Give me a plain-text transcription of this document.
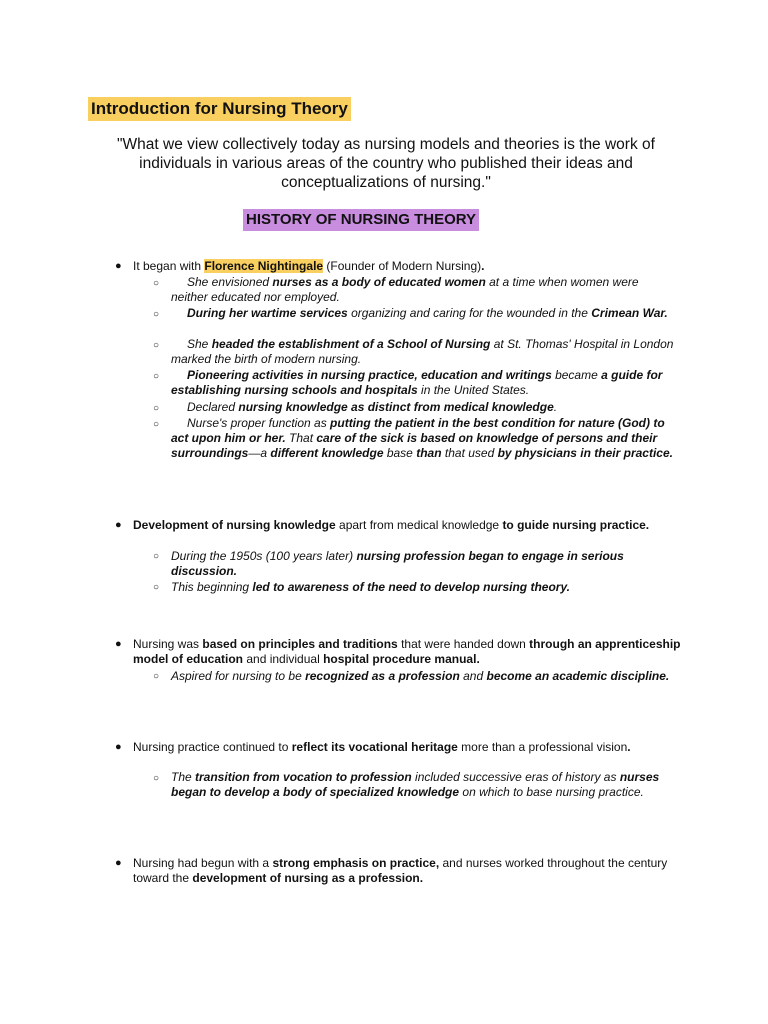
Introduction for Nursing Theory
"What we view collectively today as nursing models and theories is the work of individuals in various areas of the country who published their ideas and conceptualizations of nursing."
HISTORY OF NURSING THEORY
● It began with Florence Nightingale (Founder of Modern Nursing).
○	She envisioned nurses as a body of educated women at a time when women were neither educated nor employed.
○	During her wartime services organizing and caring for the wounded in the Crimean War.
○	She headed the establishment of a School of Nursing at St. Thomas' Hospital in London marked the birth of modern nursing.
○	Pioneering activities in nursing practice, education and writings became a guide for establishing nursing schools and hospitals in the United States.
○	Declared nursing knowledge as distinct from medical knowledge.
○	Nurse's proper function as putting the patient in the best condition for nature (God) to act upon him or her. That care of the sick is based on knowledge of persons and their surroundings—a different knowledge base than that used by physicians in their practice.
● Development of nursing knowledge apart from medical knowledge to guide nursing practice.
○ During the 1950s (100 years later) nursing profession began to engage in serious discussion.
○ This beginning led to awareness of the need to develop nursing theory.
● Nursing was based on principles and traditions that were handed down through an apprenticeship model of education and individual hospital procedure manual.
○ Aspired for nursing to be recognized as a profession and become an academic discipline.
● Nursing practice continued to reflect its vocational heritage more than a professional vision.
○ The transition from vocation to profession included successive eras of history as nurses began to develop a body of specialized knowledge on which to base nursing practice.
● Nursing had begun with a strong emphasis on practice, and nurses worked throughout the century toward the development of nursing as a profession.
